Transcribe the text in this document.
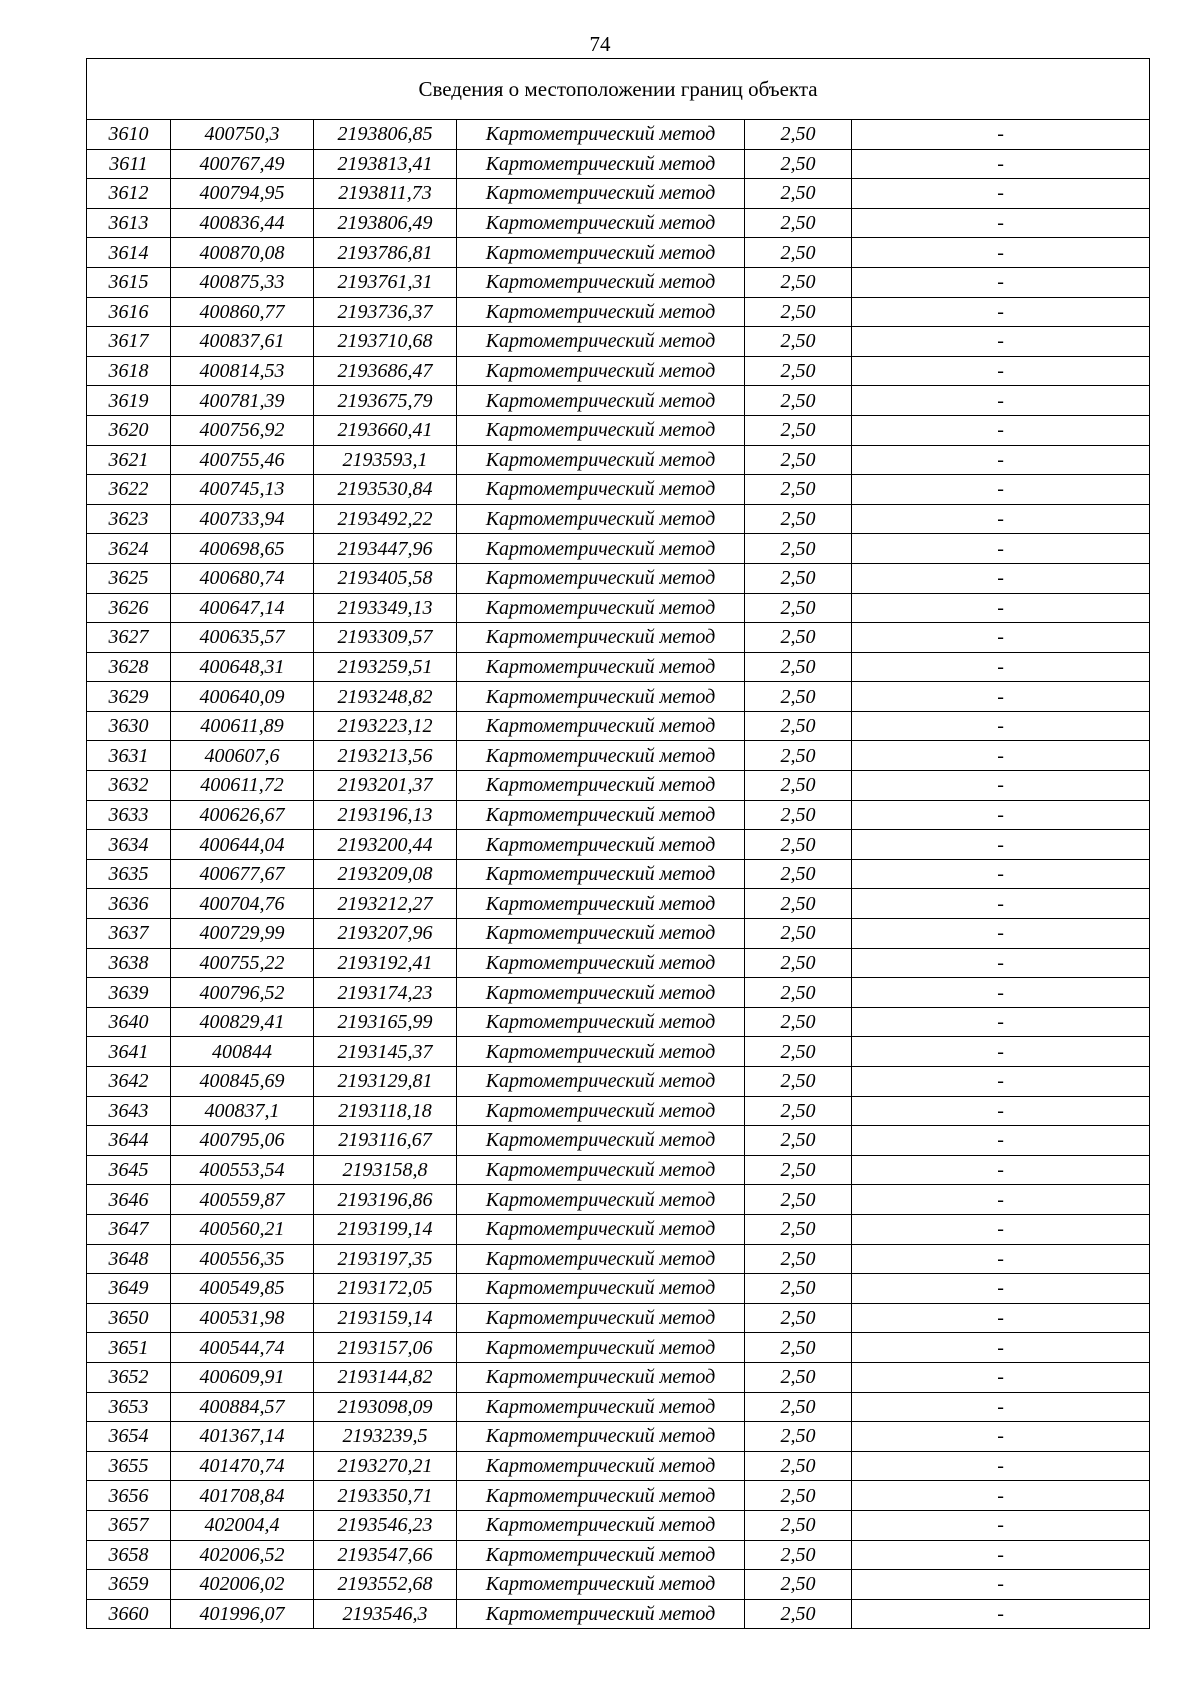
74
Сведения о местоположении границ объекта					
3610	400750,3	2193806,85	Картометрический метод	2,50	-
3611	400767,49	2193813,41	Картометрический метод	2,50	-
3612	400794,95	2193811,73	Картометрический метод	2,50	-
3613	400836,44	2193806,49	Картометрический метод	2,50	-
3614	400870,08	2193786,81	Картометрический метод	2,50	-
3615	400875,33	2193761,31	Картометрический метод	2,50	-
3616	400860,77	2193736,37	Картометрический метод	2,50	-
3617	400837,61	2193710,68	Картометрический метод	2,50	-
3618	400814,53	2193686,47	Картометрический метод	2,50	-
3619	400781,39	2193675,79	Картометрический метод	2,50	-
3620	400756,92	2193660,41	Картометрический метод	2,50	-
3621	400755,46	2193593,1	Картометрический метод	2,50	-
3622	400745,13	2193530,84	Картометрический метод	2,50	-
3623	400733,94	2193492,22	Картометрический метод	2,50	-
3624	400698,65	2193447,96	Картометрический метод	2,50	-
3625	400680,74	2193405,58	Картометрический метод	2,50	-
3626	400647,14	2193349,13	Картометрический метод	2,50	-
3627	400635,57	2193309,57	Картометрический метод	2,50	-
3628	400648,31	2193259,51	Картометрический метод	2,50	-
3629	400640,09	2193248,82	Картометрический метод	2,50	-
3630	400611,89	2193223,12	Картометрический метод	2,50	-
3631	400607,6	2193213,56	Картометрический метод	2,50	-
3632	400611,72	2193201,37	Картометрический метод	2,50	-
3633	400626,67	2193196,13	Картометрический метод	2,50	-
3634	400644,04	2193200,44	Картометрический метод	2,50	-
3635	400677,67	2193209,08	Картометрический метод	2,50	-
3636	400704,76	2193212,27	Картометрический метод	2,50	-
3637	400729,99	2193207,96	Картометрический метод	2,50	-
3638	400755,22	2193192,41	Картометрический метод	2,50	-
3639	400796,52	2193174,23	Картометрический метод	2,50	-
3640	400829,41	2193165,99	Картометрический метод	2,50	-
3641	400844	2193145,37	Картометрический метод	2,50	-
3642	400845,69	2193129,81	Картометрический метод	2,50	-
3643	400837,1	2193118,18	Картометрический метод	2,50	-
3644	400795,06	2193116,67	Картометрический метод	2,50	-
3645	400553,54	2193158,8	Картометрический метод	2,50	-
3646	400559,87	2193196,86	Картометрический метод	2,50	-
3647	400560,21	2193199,14	Картометрический метод	2,50	-
3648	400556,35	2193197,35	Картометрический метод	2,50	-
3649	400549,85	2193172,05	Картометрический метод	2,50	-
3650	400531,98	2193159,14	Картометрический метод	2,50	-
3651	400544,74	2193157,06	Картометрический метод	2,50	-
3652	400609,91	2193144,82	Картометрический метод	2,50	-
3653	400884,57	2193098,09	Картометрический метод	2,50	-
3654	401367,14	2193239,5	Картометрический метод	2,50	-
3655	401470,74	2193270,21	Картометрический метод	2,50	-
3656	401708,84	2193350,71	Картометрический метод	2,50	-
3657	402004,4	2193546,23	Картометрический метод	2,50	-
3658	402006,52	2193547,66	Картометрический метод	2,50	-
3659	402006,02	2193552,68	Картометрический метод	2,50	-
3660	401996,07	2193546,3	Картометрический метод	2,50	-
